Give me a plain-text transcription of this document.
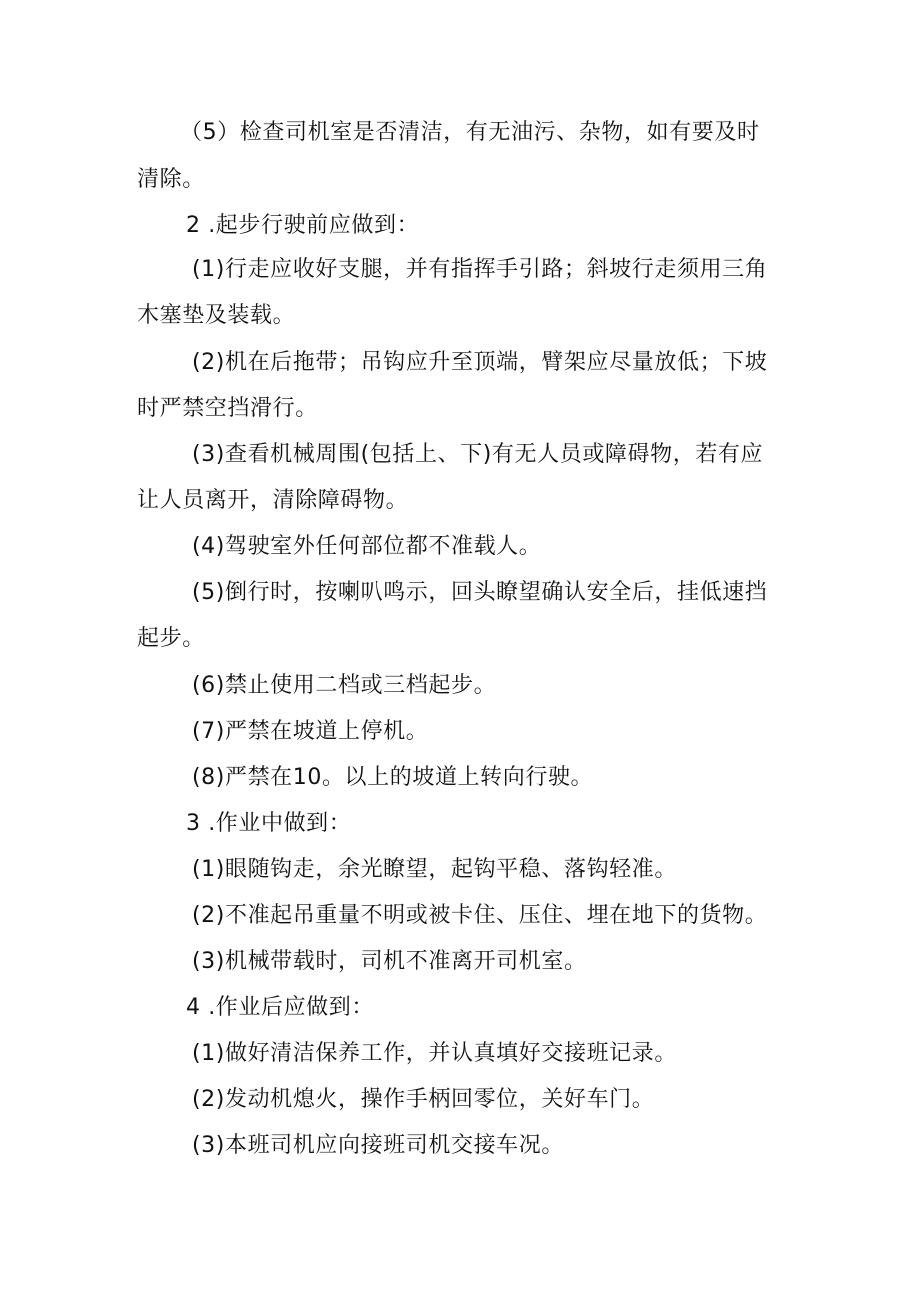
（5）检查司机室是否清洁，有无油污、杂物，如有要及时
清除。
2 .起步行驶前应做到：
(1)行走应收好支腿，并有指挥手引路；斜坡行走须用三角
木塞垫及装载。
(2)机在后拖带；吊钩应升至顶端，臂架应尽量放低；下坡
时严禁空挡滑行。
(3)查看机械周围(包括上、下)有无人员或障碍物，若有应
让人员离开，清除障碍物。
(4)驾驶室外任何部位都不准载人。
(5)倒行时，按喇叭鸣示，回头瞭望确认安全后，挂低速挡
起步。
(6)禁止使用二档或三档起步。
(7)严禁在坡道上停机。
(8)严禁在10。以上的坡道上转向行驶。
3 .作业中做到：
(1)眼随钩走，余光瞭望，起钩平稳、落钩轻准。
(2)不准起吊重量不明或被卡住、压住、埋在地下的货物。
(3)机械带载时，司机不准离开司机室。
4 .作业后应做到：
(1)做好清洁保养工作，并认真填好交接班记录。
(2)发动机熄火，操作手柄回零位，关好车门。
(3)本班司机应向接班司机交接车况。
